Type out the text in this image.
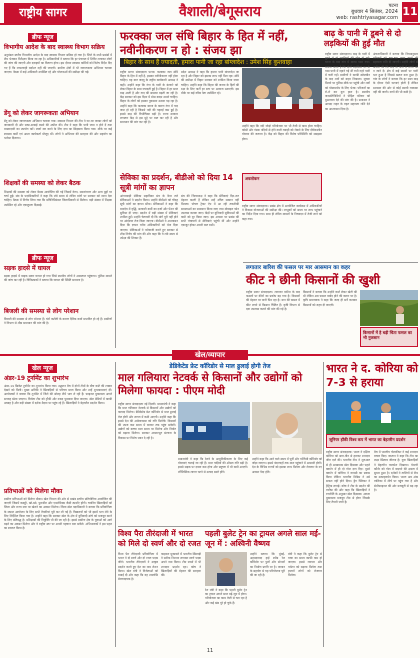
राष्ट्रीय सागर	वैशाली/बेगूसराय	पटना
बुधवार 4 सितंबर, 2024
web: rashtriyasagar.com 11
ब्रीफ न्यूज
विभागीय आदेश के बाद स्वास्थ्य विभाग सक्रिय
अनुमंडल स्तरीय विभागीय आदेश के बाद स्वास्थ्य विभाग सक्रिय हो गया है। जिले के सभी प्रखंडों में टीम भेजकर निरीक्षण किया जा रहा है। अधिकारियों ने बताया कि हर पंचायत में शिविर लगाकर लोगों की जांच की जाएगी और दवाइयों का वितरण होगा। इस दौरान स्वास्थ्य कर्मियों को विशेष निर्देश दिए गए हैं कि लापरवाही बर्दाश्त नहीं की जाएगी। ग्रामीण क्षेत्रों में भी जागरूकता अभियान चलाया जाएगा। बैठक में कई अधिकारी उपस्थित रहे और योजनाओं की समीक्षा की गई।
डेंगू को लेकर जागरूकता अभियान
डेंगू को लेकर जागरूकता अभियान चलाया गया। स्वास्थ्य विभाग की टीम ने घर-घर जाकर लोगों को जानकारी दी और साफ-सफाई रखने की अपील की। टीम ने कहा कि पानी जमा न होने दें तथा मच्छरदानी का उपयोग करें। लार्वा नष्ट करने के लिए दवा का छिड़काव किया गया। मौके पर कई स्वास्थ्य कर्मी एवं आशा कार्यकर्ता मौजूद थीं। लोगों ने अभियान की सराहना की और सहयोग का भरोसा दिलाया।
शिक्षकों की समस्या को लेकर बैठक
शिक्षकों की समस्या को लेकर बैठक आयोजित की गई जिसमें वेतन, स्थानांतरण और अन्य मुद्दों पर चर्चा हुई। संघ के पदाधिकारियों ने कहा कि लंबे समय से लंबित मांगों पर सरकार को ध्यान देना चाहिए। बैठक में निर्णय लिया गया कि प्रतिनिधिमंडल जिलाधिकारी से मिलेगा। बड़ी संख्या में शिक्षक उपस्थित रहे और एकजुटता दिखाई।
ब्रीफ न्यूज
सड़क हादसे में घायल
सड़क हादसे में बाइक सवार घायल हो गया जिसे स्थानीय लोगों ने अस्पताल पहुंचाया। पुलिस मामले की जांच कर रही है। चिकित्सकों ने बताया कि घायल की स्थिति सामान्य है।
बिजली की समस्या से लोग परेशान
बिजली की समस्या से लोग परेशान हैं। घंटों कटौती के कारण दैनिक कार्य प्रभावित हो रहे हैं। ग्रामीणों ने विभाग से शीघ्र समाधान की मांग की है।
फरक्का जल संधि बिहार के हित में नहीं, नवीनीकरण न हो : संजय झा
बिहार के साथ हैं ज्यादती, हमारा पानी जा रहा बांग्लादेश : उमेश सिंह कुशवाहा
बाढ़ के पानी में डूबने से दो लड़कियों की हुई मौत
राष्ट्रीय सागर संवाददाता पटना। फरक्का जल संधि बिहार के हित में नहीं है, इसका नवीनीकरण नहीं होना चाहिए। यह बात जदयू के राष्ट्रीय कार्यकारी अध्यक्ष ने कही। उन्होंने कहा कि गंगा के पानी के बंटवारे को लेकर बिहार के साथ ज्यादती हुई है। बिहार में हर साल बाढ़ आती है और गाद की समस्या बढ़ती जा रही है। केंद्र सरकार को इस दिशा में ठोस कदम उठाने चाहिए। बिहार के लोगों को इसका नुकसान उठाना पड़ रहा है। उन्होंने कहा कि फरक्का बराज के कारण गंगा में गाद जमा हो रही है जिससे नदी की गहराई कम हुई है। इससे बाढ़ की विभीषिका बढ़ी है। राज्य सरकार लगातार केंद्र से इस मुद्दे पर बात कर रही है और समाधान की मांग कर रही है।
प्रदेश अध्यक्ष ने कहा कि हमारा पानी बांग्लादेश जा रहा है और बिहार को इसका लाभ नहीं मिल रहा। संधि की समीक्षा में बिहार सरकार को शामिल किया जाना चाहिए। उन्होंने कहा कि बिहार की जनता के हितों की रक्षा के लिए पार्टी हर स्तर पर आवाज उठाएगी। इस मौके पर कई वरिष्ठ नेता उपस्थित रहे।
उन्होंने कहा कि नदी जोड़ो परियोजना पर भी तेजी से काम होना चाहिए। कोसी और गंडक नदियों से होने वाली तबाही को रोकने के लिए दीर्घकालीन योजना की जरूरत है। केंद्र को बिहार की विशेष परिस्थिति को समझना होगा।
सेविका का प्रदर्शन, बीडीओ को दिया 14 सूत्री मांगों का ज्ञापन
आंगनबाड़ी सेविका सहायिका संघ के बैनर तले सेविकाओं ने प्रदर्शन किया। उन्होंने बीडीओ को चौदह सूत्री मांगों का ज्ञापन सौंपा। सेविकाओं ने कहा कि मानदेय में वृद्धि, सरकारी कर्मी का दर्जा और पेंशन की सुविधा दी जाए। प्रदर्शन में बड़ी संख्या में सेविकाएं शामिल हुईं। उन्होंने चेतावनी दी कि मांगें पूरी नहीं होने पर आंदोलन तेज किया जाएगा। बीडीओ ने आश्वासन दिया कि ज्ञापन वरीय अधिकारियों को भेज दिया जाएगा। सेविकाओं ने नारेबाजी करते हुए सरकार से शीघ्र निर्णय की मांग की और कहा कि वे लंबे समय से उपेक्षा की शिकार हैं।
संघ की जिलाध्यक्ष ने कहा कि सेविकाएं दिन-रात मेहनत करती हैं लेकिन उन्हें उचित सम्मान नहीं मिलता। पोषण ट्रैकर ऐप में आ रही तकनीकी समस्याओं का समाधान किया जाए तथा मोबाइल फोन उपलब्ध कराया जाए। केंद्रों पर बुनियादी सुविधाओं की कमी को दूर किया जाए। इस अवसर पर प्रखंड की सभी पंचायतों से सेविकाएं पहुंची थीं और उन्होंने एकजुट होकर अपनी बात रखी।
अवलोकन
राष्ट्रीय सागर संवाददाता। प्रखंड क्षेत्र में आयोजित कार्यक्रम में अधिकारियों ने विकास योजनाओं की समीक्षा की। लाभुकों को समय पर लाभ पहुंचाने का निर्देश दिया गया। साथ ही लंबित मामलों के निष्पादन में तेजी लाने को कहा गया।
राष्ट्रीय सागर संवाददाता। बाढ़ के पानी में डूबने से दो लड़कियों की मौत हो गई। घटना के बाद गांव में मातम पसर गया। बताया जाता है कि दोनों लड़कियां घर के पास पानी में नहाने गई थीं तभी गहरे पानी में चली गईं। ग्रामीणों ने काफी खोजबीन के बाद शवों को बाहर निकाला। सूचना मिलने पर पुलिस मौके पर पहुंची और शवों को पोस्टमार्टम के लिए भेजा। परिजनों का रो-रो कर बुरा हाल है। स्थानीय जनप्रतिनिधियों ने पीड़ित परिवार को मुआवजा देने की मांग की है। प्रशासन ने आपदा राहत के तहत सहायता राशि देने का आश्वासन दिया है।
अंचलाधिकारी ने बताया कि नियमानुसार परिजनों को चार-चार लाख रुपये की सहायता राशि दी जाएगी। उन्होंने लोगों से अपील की कि बाढ़ के पानी में बच्चों को न जाने दें। क्षेत्र में कई स्थानों पर पानी भरा हुआ है जिससे खतरा बना हुआ है। गांव के लोगों ने बताया कि हर साल बाढ़ के दौरान ऐसी घटनाएं होती हैं लेकिन प्रशासन की ओर से कोई स्थायी व्यवस्था नहीं की जाती। नावों की भी कमी है।
लगातार बारिश की फसल पर मार आसमान का कहर
कीट ने छीनी किसानों की खुशी
राष्ट्रीय सागर संवाददाता। लगातार बारिश के बाद फसलों पर कीटों का प्रकोप बढ़ गया है। किसानों की मेहनत पर पानी फिर रहा है। धान की फसल में कीट लगने से किसान चिंतित हैं। कृषि विभाग से दवा उपलब्ध कराने की मांग की गई है।
किसानों ने बताया कि उन्होंने कर्ज लेकर खेती की थी लेकिन अब फसल बर्बाद होने की कगार पर है। कृषि समन्वयक ने कहा कि जल्द ही सर्वे कराकर किसानों को राहत दी जाएगी।
किसानों में है बड़ी चिंता फसल का भी नुकसान
खेल/व्यापार
डेडिकेटेड फ्रेट कॉरिडोर से माल ढुलाई होगी तेज
माल गलियारा नेटवर्क से किसानों और उद्योगों को मिलेगा फायदा : पीएम मोदी
खेल न्यूज
अंडर-19 टूर्नामेंट का शुभारंभ
अंडर-19 क्रिकेट टूर्नामेंट का शुभारंभ किया गया। उद्घाटन मैच में दोनों टीमों के बीच कांटे की टक्कर देखने को मिली। मुख्य अतिथि ने खिलाड़ियों से परिचय प्राप्त किया और उन्हें शुभकामनाएं दीं। आयोजकों ने बताया कि टूर्नामेंट में जिले की सोलह टीमें भाग ले रही हैं। फाइनल मुकाबला अगले सप्ताह खेला जाएगा। विजेता टीम को ट्रॉफी और नकद पुरस्कार दिया जाएगा। खेल प्रेमियों में काफी उत्साह है और बड़ी संख्या में दर्शक मैदान पर पहुंच रहे हैं। खिलाड़ियों ने बेहतरीन प्रदर्शन किया।
प्रतिभाओं को मिलेगा मौका
ग्रामीण प्रतिभाओं को मिलेगा मौका। खेल विभाग की ओर से प्रखंड स्तरीय प्रतियोगिता आयोजित की जाएगी जिसमें कबड्डी, खो-खो, फुटबॉल और एथलेटिक्स जैसी स्पर्धाएं होंगी। चयनित खिलाड़ियों को जिला और राज्य स्तर पर खेलने का अवसर मिलेगा। जिला खेल पदाधिकारी ने बताया कि प्रतियोगिता के सफल आयोजन के लिए सभी तैयारियां पूरी कर ली गई हैं। विद्यालयों को भी इसमें भाग लेने के लिए निर्देशित किया गया है। उन्होंने कहा कि सरकार खेल के क्षेत्र में बुनियादी ढांचे को मजबूत करने के लिए प्रतिबद्ध है। प्रशिक्षकों की नियुक्ति भी की जा रही है। इससे ग्रामीण क्षेत्र के युवाओं को आगे बढ़ने का अवसर मिलेगा और वे राष्ट्रीय स्तर पर अपनी पहचान बना सकेंगे। अभिभावकों ने इस पहल का स्वागत किया है।
राष्ट्रीय सागर संवाददाता नई दिल्ली। प्रधानमंत्री ने कहा कि माल गलियारा नेटवर्क से किसानों और उद्योगों को फायदा मिलेगा। डेडिकेटेड फ्रेट कॉरिडोर से माल ढुलाई तेज होगी और लागत में कमी आएगी। उन्होंने कहा कि इससे देश की अर्थव्यवस्था को गति मिलेगी। किसानों की उपज कम समय में बाजार तक पहुंच सकेगी। उद्योगों को कच्चा माल समय पर मिलेगा और निर्यात को बढ़ावा मिलेगा। सरकार आधारभूत संरचना के विकास पर विशेष ध्यान दे रही है।
प्रधानमंत्री ने कहा कि रेलवे के आधुनिकीकरण के लिए कई योजनाएं चलाई जा रही हैं। माल गाड़ियों की औसत गति बढ़ी है। इससे सड़क पर दबाव कम होगा और प्रदूषण में भी कमी आएगी। लॉजिस्टिक लागत घटने से उत्पाद सस्ते होंगे।
उन्होंने कहा कि आने वाले समय में पूर्वी और पश्चिमी कॉरिडोर को जोड़ा जाएगा। इससे बंदरगाहों तक माल पहुंचाने में आसानी होगी। देश के विभिन्न राज्यों को इसका लाभ मिलेगा और रोजगार के नए अवसर पैदा होंगे।
भारत ने द. कोरिया को 7-3 से हराया
जूनियर हॉकी विश्व कप में भारत का बेहतरीन प्रदर्शन
राष्ट्रीय सागर संवाददाता। भारत ने दक्षिण कोरिया को सात-तीन से हराकर शानदार जीत दर्ज की। भारतीय टीम ने शुरुआत से ही आक्रामक खेल दिखाया और पहले क्वार्टर में ही दो गोल दाग दिए। दूसरे क्वार्टर में कोरिया ने वापसी का प्रयास किया लेकिन भारतीय डिफेंस ने उसे सफल नहीं होने दिया। ड्रैग फ्लिकर ने हैट्रिक लगाई। कोच ने टीम के प्रदर्शन की तारीफ की और कहा कि खिलाड़ियों ने रणनीति के अनुसार खेल दिखाया। अगला मुकाबला मजबूत टीम से होगा जिसके लिए तैयारी जारी है।
मैच में भारतीय गोलकीपर ने कई शानदार बचाव किए। कप्तान ने कहा कि टीम का लक्ष्य खिताब जीतना है। युवा खिलाड़ियों ने बेहतरीन तालमेल दिखाया। पेनल्टी कॉर्नर को गोल में बदलने की क्षमता में सुधार हुआ है। दर्शकों ने तालियों से टीम का उत्साहवर्धन किया। भारत अब अंक तालिका में शीर्ष पर पहुंच गया है और सेमीफाइनल की ओर मजबूती से बढ़ रहा है।
विश्व पैरा तीरंदाजी में भारत को मिले दो स्वर्ण और दो रजत
विश्व पैरा तीरंदाजी प्रतियोगिता में भारत ने दो स्वर्ण और दो रजत पदक जीते। भारतीय तीरंदाजों ने उत्कृष्ट प्रदर्शन करते हुए देश का नाम रोशन किया। खेल मंत्री ने विजेताओं को बधाई दी और कहा कि यह उपलब्धि प्रेरणादायक है।
फाइनल मुकाबले में भारतीय खिलाड़ी ने सटीक निशाना लगाकर स्वर्ण पदक अपने नाम किया। टीम स्पर्धा में भी शानदार प्रदर्शन रहा। कोच ने खिलाड़ियों की मेहनत की सराहना की।
पहली बुलेट ट्रेन का ट्रायल अगले साल मई-जून में : अश्विनी वैष्णव
रेल मंत्री ने कहा कि पहली बुलेट ट्रेन का ट्रायल अगले साल मई-जून में होगा। परियोजना का काम तेजी से चल रहा है और कई खंड पूरे हो चुके हैं।
उन्होंने बताया कि मुंबई-अहमदाबाद हाई स्पीड रेल कॉरिडोर पर पुलों और स्टेशनों का निर्माण प्रगति पर है। जापान के सहयोग से यह परियोजना पूरी की जा रही है।
मंत्री ने कहा कि बुलेट ट्रेन से यात्रा का समय काफी कम हो जाएगा। इससे व्यापार और पर्यटन को बढ़ावा मिलेगा तथा हजारों लोगों को रोजगार मिलेगा।
11
